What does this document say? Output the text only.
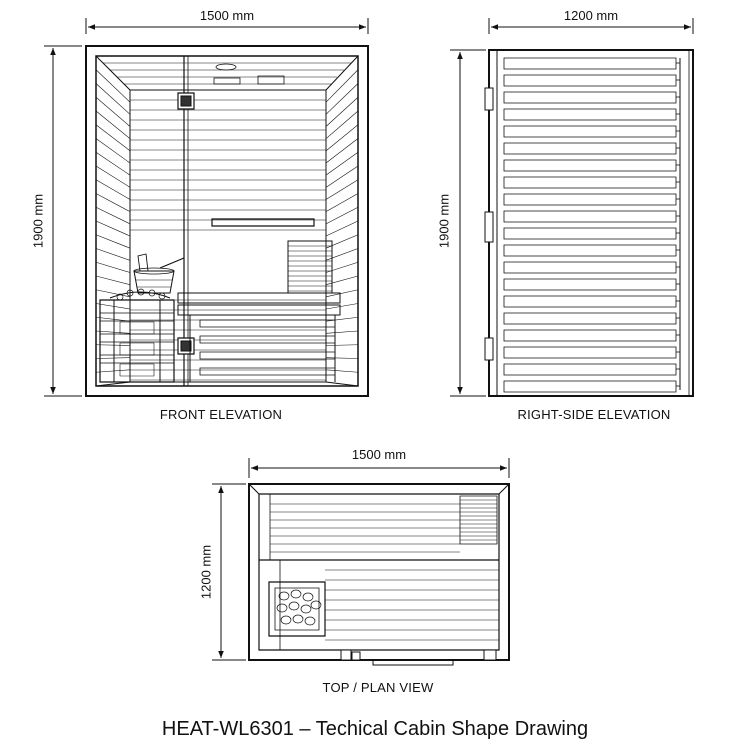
1500 mm
1900 mm
FRONT ELEVATION
1200 mm
1900 mm
RIGHT-SIDE ELEVATION
1500 mm
1200 mm
TOP / PLAN VIEW
HEAT-WL6301 – Techical Cabin Shape Drawing
